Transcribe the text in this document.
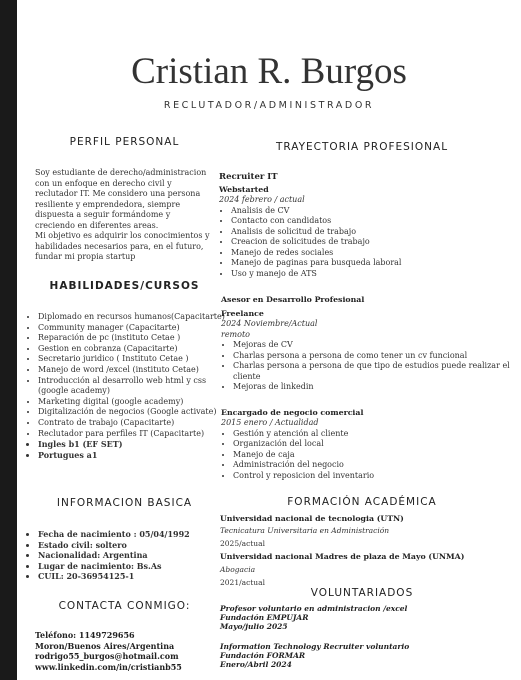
Cristian R. Burgos
RECLUTADOR/ADMINISTRADOR
PERFIL PERSONAL
Soy estudiante de derecho/administracion
con un enfoque en derecho civil y
reclutador IT. Me considero una persona
resiliente y emprendedora, siempre
dispuesta a seguir formándome y
creciendo en diferentes areas.
Mi objetivo es adquirir los conocimientos y
habilidades necesarios para, en el futuro,
fundar mi propia startup
HABILIDADES/CURSOS
• Diplomado en recursos humanos(Capacitarte)
• Community manager (Capacitarte)
• Reparación de pc (instituto Cetae )
• Gestion en cobranza (Capacitarte)
• Secretario juridico ( Instituto Cetae )
• Manejo de word /excel (instituto Cetae)
• Introducción al desarrollo web html y css (google academy)
• Marketing digital (google academy)
• Digitalización de negocios (Google activate)
• Contrato de trabajo (Capacitarte)
• Reclutador para perfiles IT (Capacitarte)
• Ingles b1 (EF SET)
• Portugues a1
INFORMACION BASICA
• Fecha de nacimiento : 05/04/1992
• Estado civil: soltero
• Nacionalidad: Argentina
• Lugar de nacimiento: Bs.As
• CUIL: 20-36954125-1
CONTACTA CONMIGO:
Teléfono: 1149729656
Moron/Buenos Aires/Argentina
rodrigo55_burgos@hotmail.com
www.linkedin.com/in/cristianb55
TRAYECTORIA PROFESIONAL
Recruiter IT
Webstarted
2024 febrero / actual
• Analisis de CV
• Contacto con candidatos
• Analisis de solicitud de trabajo
• Creacion de solicitudes de trabajo
• Manejo de redes sociales
• Manejo de paginas para busqueda laboral
• Uso y manejo de ATS
Asesor en Desarrollo Profesional
Freelance
2024 Noviembre/Actual
remoto
• Mejoras de CV
• Charlas persona a persona de como tener un cv funcional
• Charlas persona a persona de que tipo de estudios puede realizar el cliente
• Mejoras de linkedin
Encargado de negocio comercial
2015 enero / Actualidad
• Gestión y atención al cliente
• Organización del local
• Manejo de caja
• Administración del negocio
• Control y reposicion del inventario
FORMACIÓN ACADÉMICA
Universidad nacional de tecnologia (UTN)
Tecnicatura Universitaria en Administración
2025/actual
Universidad nacional Madres de plaza de Mayo (UNMA)
Abogacia
2021/actual
VOLUNTARIADOS
Profesor voluntario en administracion /excel
Fundación EMPUJAR
Mayo/julio 2025
Information Technology Recruiter voluntario
Fundación FORMAR
Enero/Abril 2024
